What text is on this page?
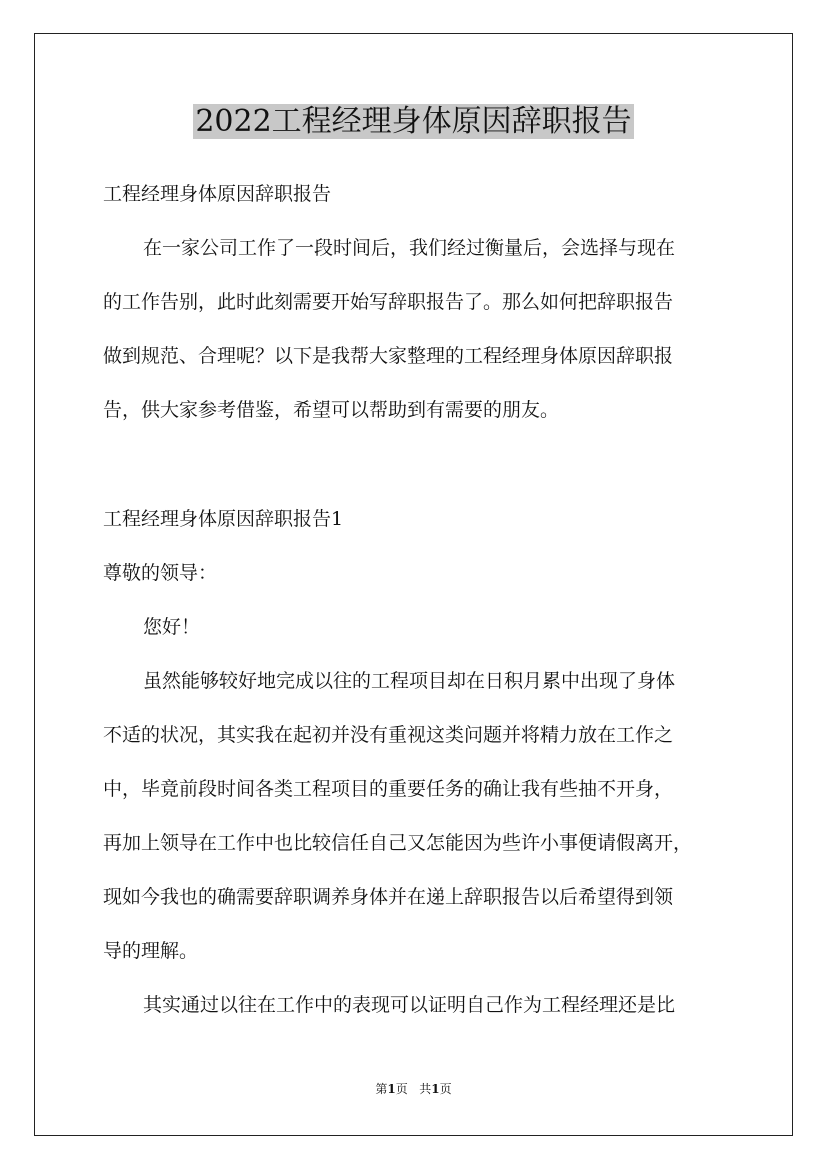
2022工程经理身体原因辞职报告

工程经理身体原因辞职报告

在一家公司工作了一段时间后，我们经过衡量后，会选择与现在

的工作告别，此时此刻需要开始写辞职报告了。那么如何把辞职报告

做到规范、合理呢？以下是我帮大家整理的工程经理身体原因辞职报

告，供大家参考借鉴，希望可以帮助到有需要的朋友。

工程经理身体原因辞职报告1

尊敬的领导：

您好！

虽然能够较好地完成以往的工程项目却在日积月累中出现了身体

不适的状况，其实我在起初并没有重视这类问题并将精力放在工作之

中，毕竟前段时间各类工程项目的重要任务的确让我有些抽不开身，

再加上领导在工作中也比较信任自己又怎能因为些许小事便请假离开，

现如今我也的确需要辞职调养身体并在递上辞职报告以后希望得到领

导的理解。

其实通过以往在工作中的表现可以证明自己作为工程经理还是比

第1页 共1页
